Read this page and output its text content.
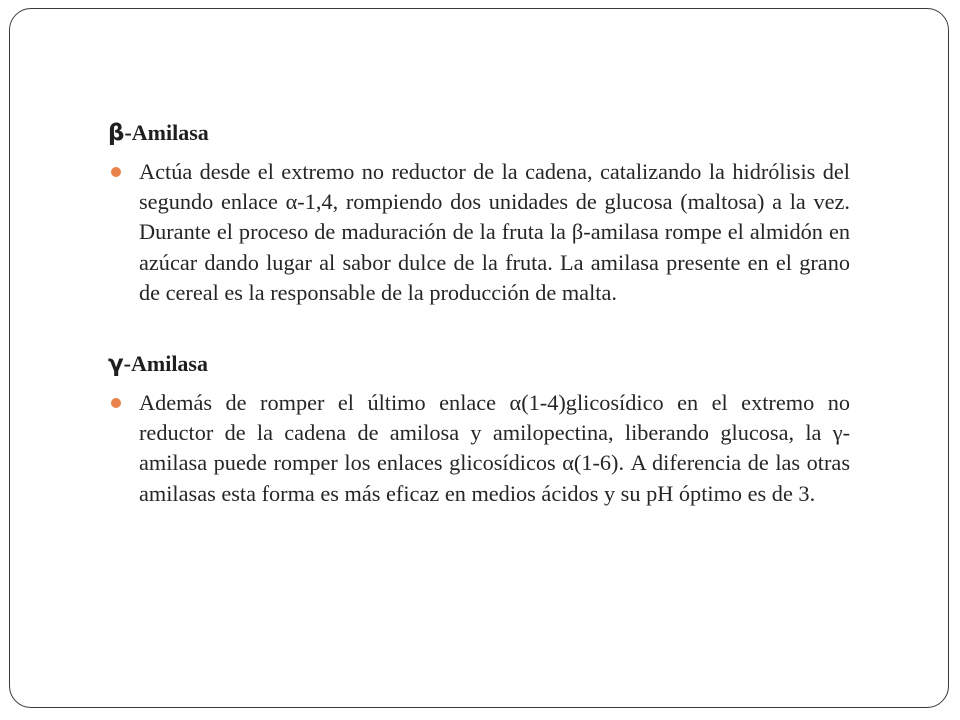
β-Amilasa

Actúa desde el extremo no reductor de la cadena, catalizando la hidrólisis del segundo enlace α-1,4, rompiendo dos unidades de glucosa (maltosa) a la vez. Durante el proceso de maduración de la fruta la β-amilasa rompe el almidón en azúcar dando lugar al sabor dulce de la fruta. La amilasa presente en el grano de cereal es la responsable de la producción de malta.

γ-Amilasa

Además de romper el último enlace α(1-4)glicosídico en el extremo no reductor de la cadena de amilosa y amilopectina, liberando glucosa, la γ-amilasa puede romper los enlaces glicosídicos α(1-6). A diferencia de las otras amilasas esta forma es más eficaz en medios ácidos y su pH óptimo es de 3.
